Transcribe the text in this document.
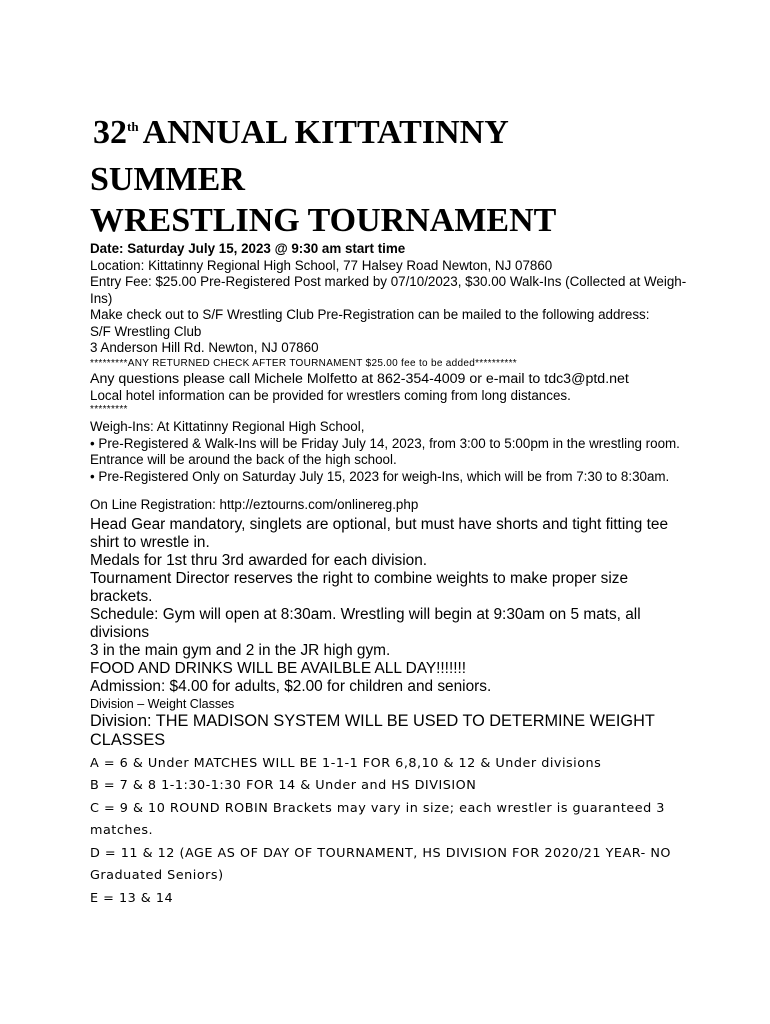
32th ANNUAL KITTATINNY
SUMMER
WRESTLING TOURNAMENT

Date: Saturday July 15, 2023 @ 9:30 am start time

Location: Kittatinny Regional High School, 77 Halsey Road Newton, NJ 07860

Entry Fee: $25.00 Pre-Registered Post marked by 07/10/2023, $30.00 Walk-Ins (Collected at Weigh-Ins)

Make check out to S/F Wrestling Club Pre-Registration can be mailed to the following address:

S/F Wrestling Club

3 Anderson Hill Rd. Newton, NJ 07860

*********ANY RETURNED CHECK AFTER TOURNAMENT $25.00 fee to be added**********

Any questions please call Michele Molfetto at 862-354-4009 or e-mail to tdc3@ptd.net

Local hotel information can be provided for wrestlers coming from long distances.

*********

Weigh-Ins: At Kittatinny Regional High School,

• Pre-Registered & Walk-Ins will be Friday July 14, 2023, from 3:00 to 5:00pm in the wrestling room. Entrance will be around the back of the high school.

• Pre-Registered Only on Saturday July 15, 2023 for weigh-Ins, which will be from 7:30 to 8:30am.

On Line Registration: http://eztourns.com/onlinereg.php

Head Gear mandatory, singlets are optional, but must have shorts and tight fitting tee shirt to wrestle in.

Medals for 1st thru 3rd awarded for each division.

Tournament Director reserves the right to combine weights to make proper size brackets.

Schedule: Gym will open at 8:30am. Wrestling will begin at 9:30am on 5 mats, all divisions

3 in the main gym and 2 in the JR high gym.

FOOD AND DRINKS WILL BE AVAILBLE ALL DAY!!!!!!!

Admission: $4.00 for adults, $2.00 for children and seniors.

Division – Weight Classes

Division: THE MADISON SYSTEM WILL BE USED TO DETERMINE WEIGHT CLASSES

A = 6 & Under MATCHES WILL BE 1-1-1 FOR 6,8,10 & 12 & Under divisions

B = 7 & 8 1-1:30-1:30 FOR 14 & Under and HS DIVISION

C = 9 & 10 ROUND ROBIN Brackets may vary in size; each wrestler is guaranteed 3 matches.

D = 11 & 12 (AGE AS OF DAY OF TOURNAMENT, HS DIVISION FOR 2020/21 YEAR- NO Graduated Seniors)

E = 13 & 14
